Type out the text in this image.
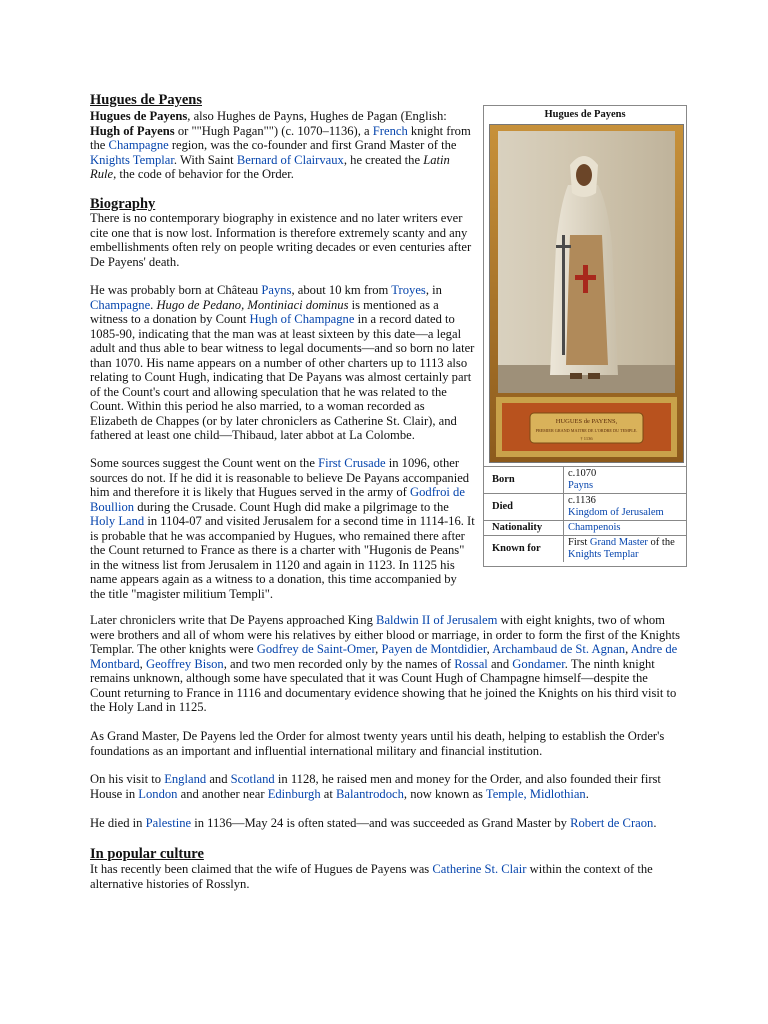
Hugues de Payens

Hugues de Payens, also Hughes de Payns, Hughes de Pagan (English: Hugh of Payens or ""Hugh Pagan"") (c. 1070–1136), a French knight from the Champagne region, was the co-founder and first Grand Master of the Knights Templar. With Saint Bernard of Clairvaux, he created the Latin Rule, the code of behavior for the Order.

Biography

There is no contemporary biography in existence and no later writers ever cite one that is now lost. Information is therefore extremely scanty and any embellishments often rely on people writing decades or even centuries after De Payens' death.

He was probably born at Château Payns, about 10 km from Troyes, in Champagne. Hugo de Pedano, Montiniaci dominus is mentioned as a witness to a donation by Count Hugh of Champagne in a record dated to 1085-90, indicating that the man was at least sixteen by this date—a legal adult and thus able to bear witness to legal documents—and so born no later than 1070. His name appears on a number of other charters up to 1113 also relating to Count Hugh, indicating that De Payans was almost certainly part of the Count's court and allowing speculation that he was related to the Count. Within this period he also married, to a woman recorded as Elizabeth de Chappes (or by later chroniclers as Catherine St. Clair), and fathered at least one child—Thibaud, later abbot at La Colombe.

Some sources suggest the Count went on the First Crusade in 1096, other sources do not. If he did it is reasonable to believe De Payans accompanied him and therefore it is likely that Hugues served in the army of Godfroi de Boullion during the Crusade. Count Hugh did make a pilgrimage to the Holy Land in 1104-07 and visited Jerusalem for a second time in 1114-16. It is probable that he was accompanied by Hugues, who remained there after the Count returned to France as there is a charter with "Hugonis de Peans" in the witness list from Jerusalem in 1120 and again in 1123. In 1125 his name appears again as a witness to a donation, this time accompanied by the title "magister militium Templi".

Later chroniclers write that De Payens approached King Baldwin II of Jerusalem with eight knights, two of whom were brothers and all of whom were his relatives by either blood or marriage, in order to form the first of the Knights Templar. The other knights were Godfrey de Saint-Omer, Payen de Montdidier, Archambaud de St. Agnan, Andre de Montbard, Geoffrey Bison, and two men recorded only by the names of Rossal and Gondamer. The ninth knight remains unknown, although some have speculated that it was Count Hugh of Champagne himself—despite the Count returning to France in 1116 and documentary evidence showing that he joined the Knights on his third visit to the Holy Land in 1125.

As Grand Master, De Payens led the Order for almost twenty years until his death, helping to establish the Order's foundations as an important and influential international military and financial institution.

On his visit to England and Scotland in 1128, he raised men and money for the Order, and also founded their first House in London and another near Edinburgh at Balantrodoch, now known as Temple, Midlothian.

He died in Palestine in 1136—May 24 is often stated—and was succeeded as Grand Master by Robert de Craon.

In popular culture

It has recently been claimed that the wife of Hugues de Payens was Catherine St. Clair within the context of the alternative histories of Rosslyn.

Hugues de Payens
HUGUES de PAYENS,
PREMIER GRAND MAITRE DE L'ORDRE DU TEMPLE.
† 1136
Born	c.1070
Payns
Died	c.1136
Kingdom of Jerusalem
Nationality	Champenois
Known for	First Grand Master of the Knights Templar
